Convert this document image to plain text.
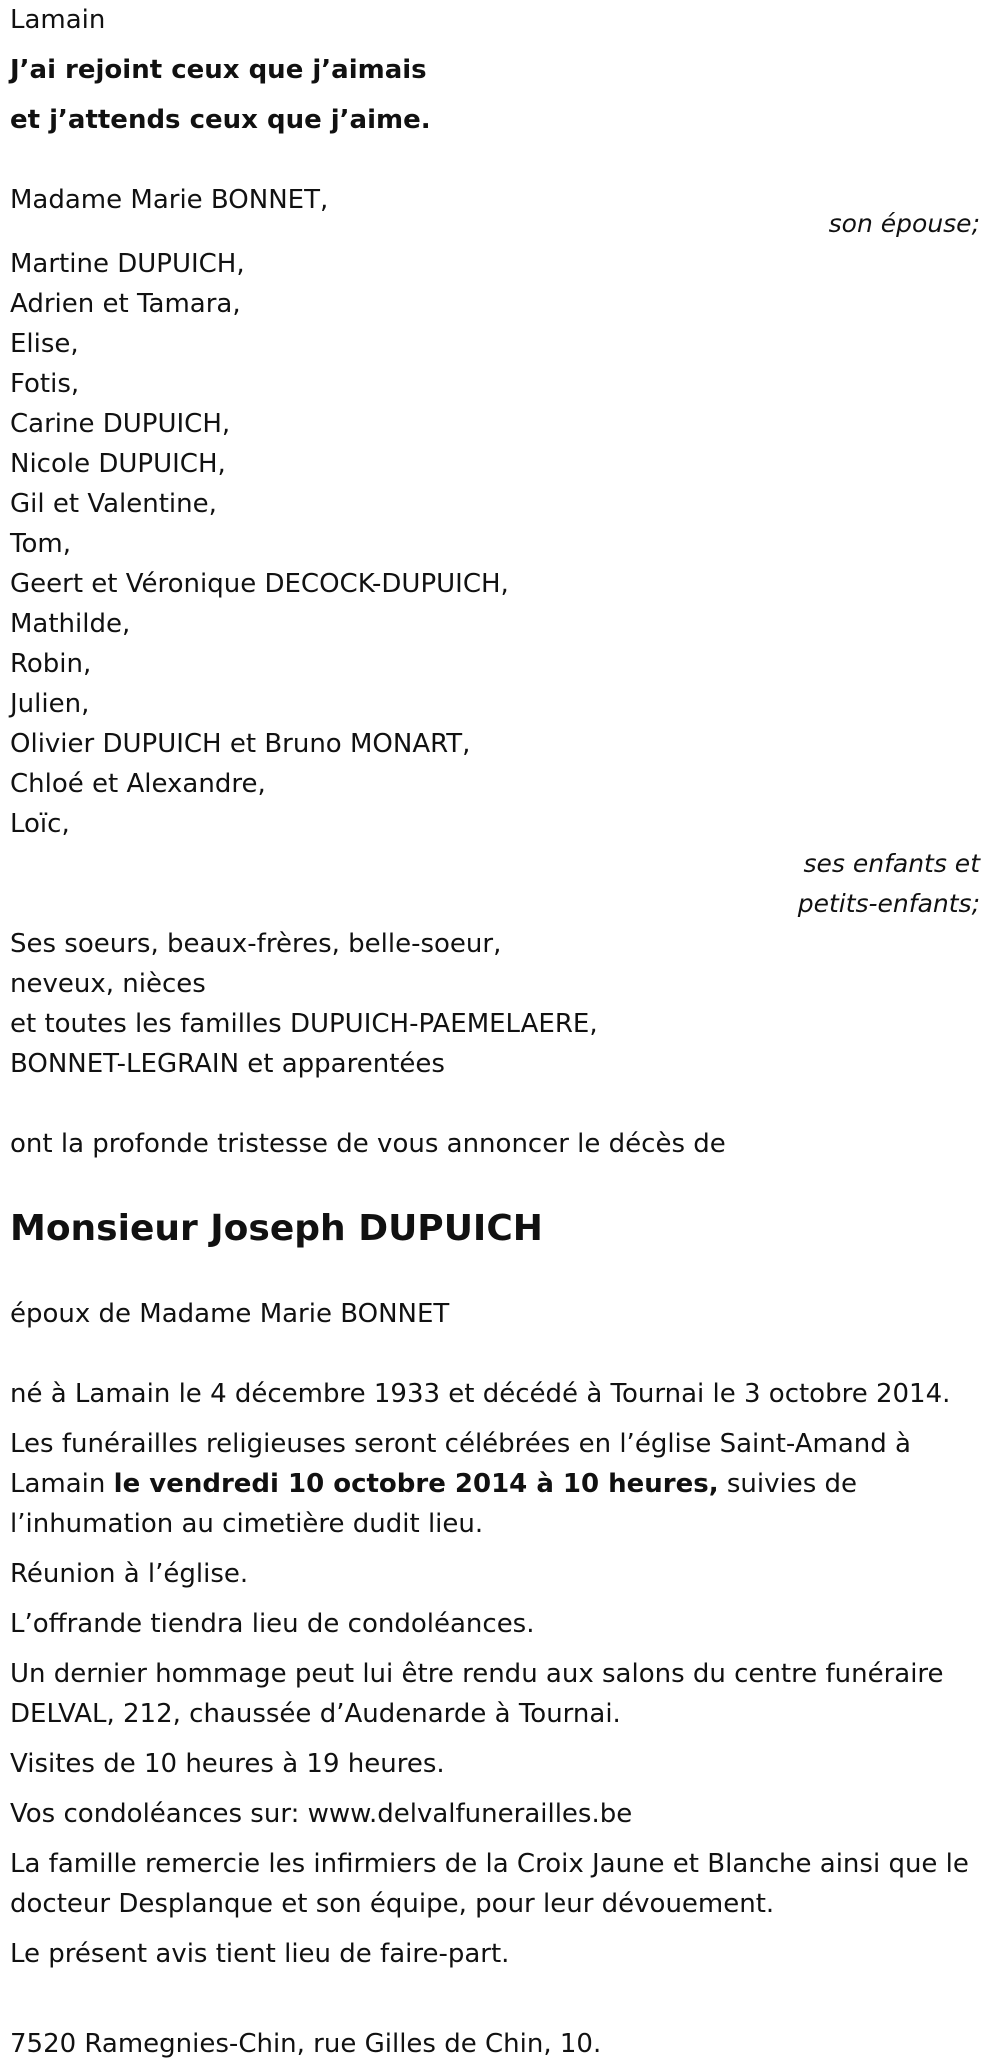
Lamain

J’ai rejoint ceux que j’aimais

et j’attends ceux que j’aime.

Madame Marie BONNET,

son épouse;

Martine DUPUICH,

Adrien et Tamara,

Elise,

Fotis,

Carine DUPUICH,

Nicole DUPUICH,

Gil et Valentine,

Tom,

Geert et Véronique DECOCK-DUPUICH,

Mathilde,

Robin,

Julien,

Olivier DUPUICH et Bruno MONART,

Chloé et Alexandre,

Loïc,

ses enfants et

petits-enfants;

Ses soeurs, beaux-frères, belle-soeur,

neveux, nièces

et toutes les familles DUPUICH-PAEMELAERE,

BONNET-LEGRAIN et apparentées

ont la profonde tristesse de vous annoncer le décès de

Monsieur Joseph DUPUICH

époux de Madame Marie BONNET

né à Lamain le 4 décembre 1933 et décédé à Tournai le 3 octobre 2014.

Les funérailles religieuses seront célébrées en l’église Saint-Amand à Lamain le vendredi 10 octobre 2014 à 10 heures, suivies de l’inhumation au cimetière dudit lieu.

Réunion à l’église.

L’offrande tiendra lieu de condoléances.

Un dernier hommage peut lui être rendu aux salons du centre funéraire DELVAL, 212, chaussée d’Audenarde à Tournai.

Visites de 10 heures à 19 heures.

Vos condoléances sur: www.delvalfunerailles.be

La famille remercie les infirmiers de la Croix Jaune et Blanche ainsi que le docteur Desplanque et son équipe, pour leur dévouement.

Le présent avis tient lieu de faire-part.

7520 Ramegnies-Chin, rue Gilles de Chin, 10.
